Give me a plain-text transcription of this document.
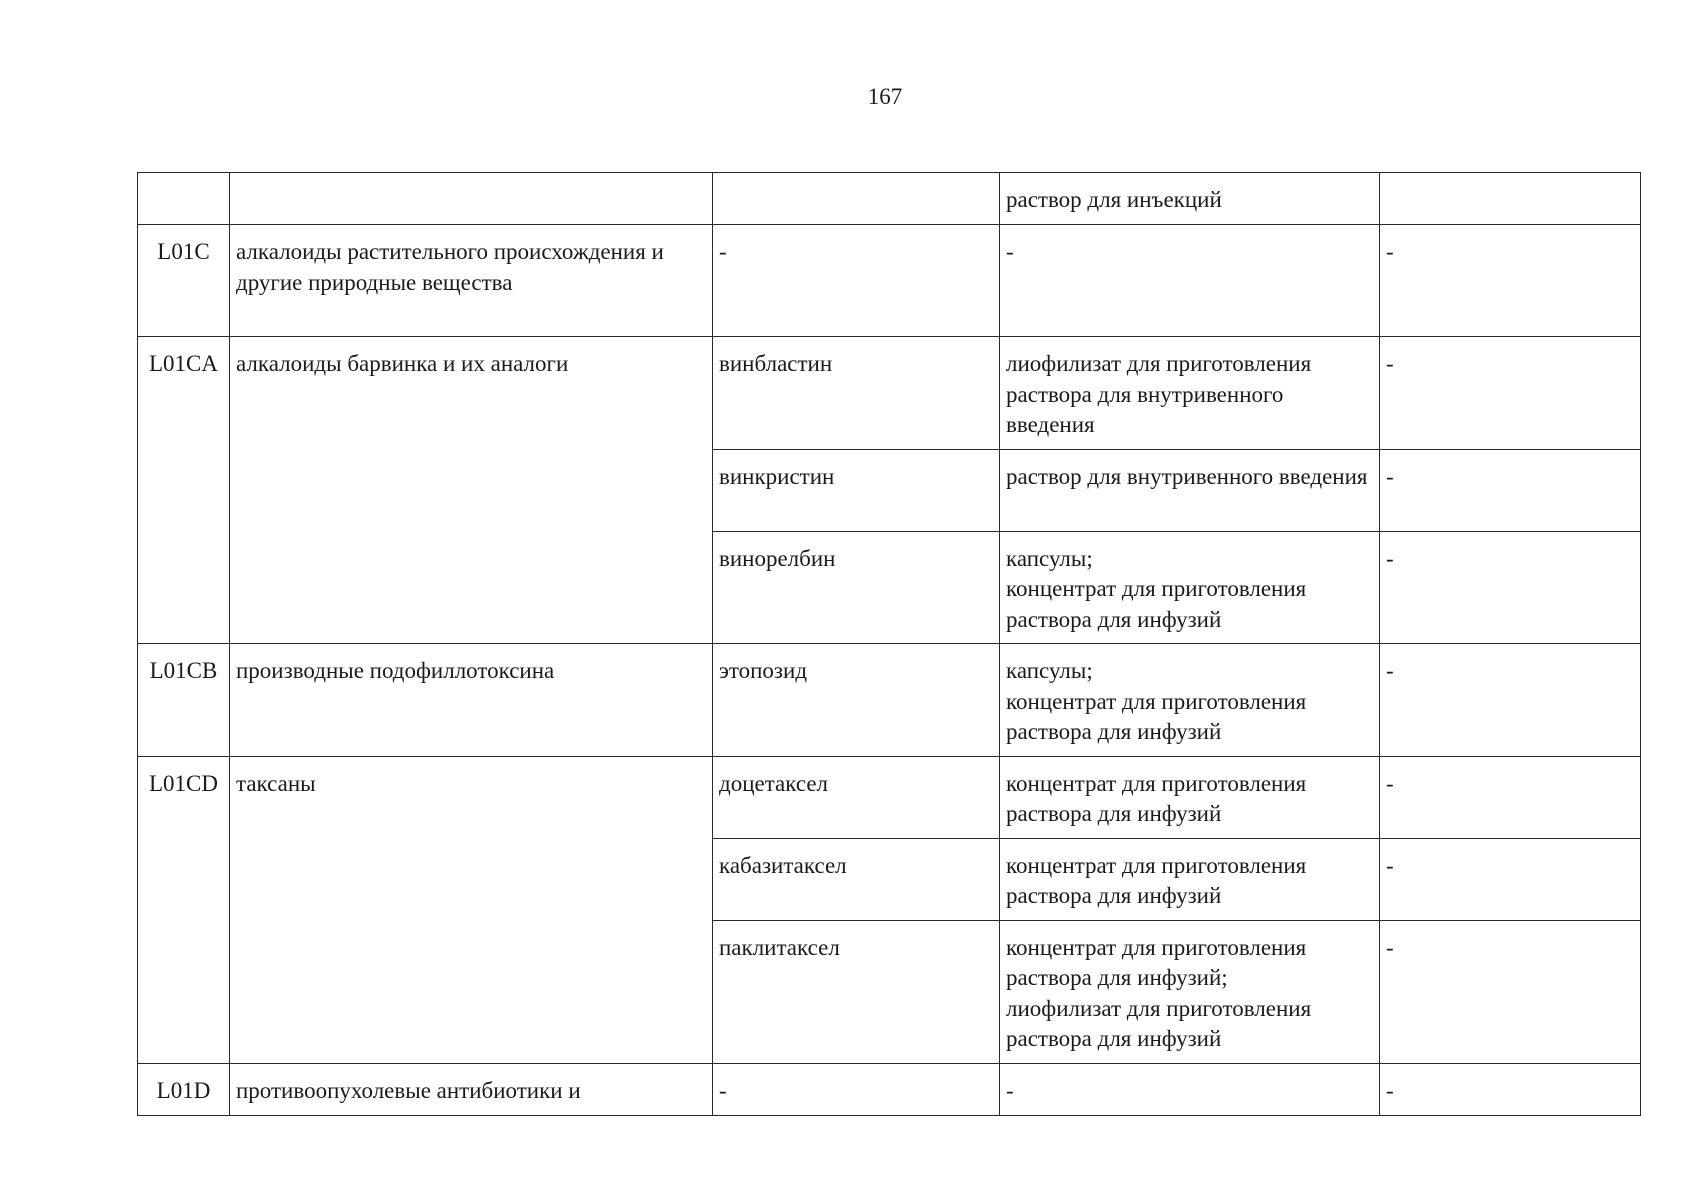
167

			раствор для инъекций	

L01C	алкалоиды растительного происхождения и другие природные вещества	-	-	-
L01CA	алкалоиды барвинка и их аналоги	винбластин	лиофилизат для приготовления раствора для внутривенного введения	-
		винкристин	раствор для внутривенного введения	-
		винорелбин	капсулы;
концентрат для приготовления раствора для инфузий	-
L01CB	производные подофиллотоксина	этопозид	капсулы;
концентрат для приготовления раствора для инфузий	-
L01CD	таксаны	доцетаксел	концентрат для приготовления раствора для инфузий	-
		кабазитаксел	концентрат для приготовления раствора для инфузий	-
		паклитаксел	концентрат для приготовления раствора для инфузий;
лиофилизат для приготовления раствора для инфузий	-
L01D	противоопухолевые антибиотики и	-	-	-
